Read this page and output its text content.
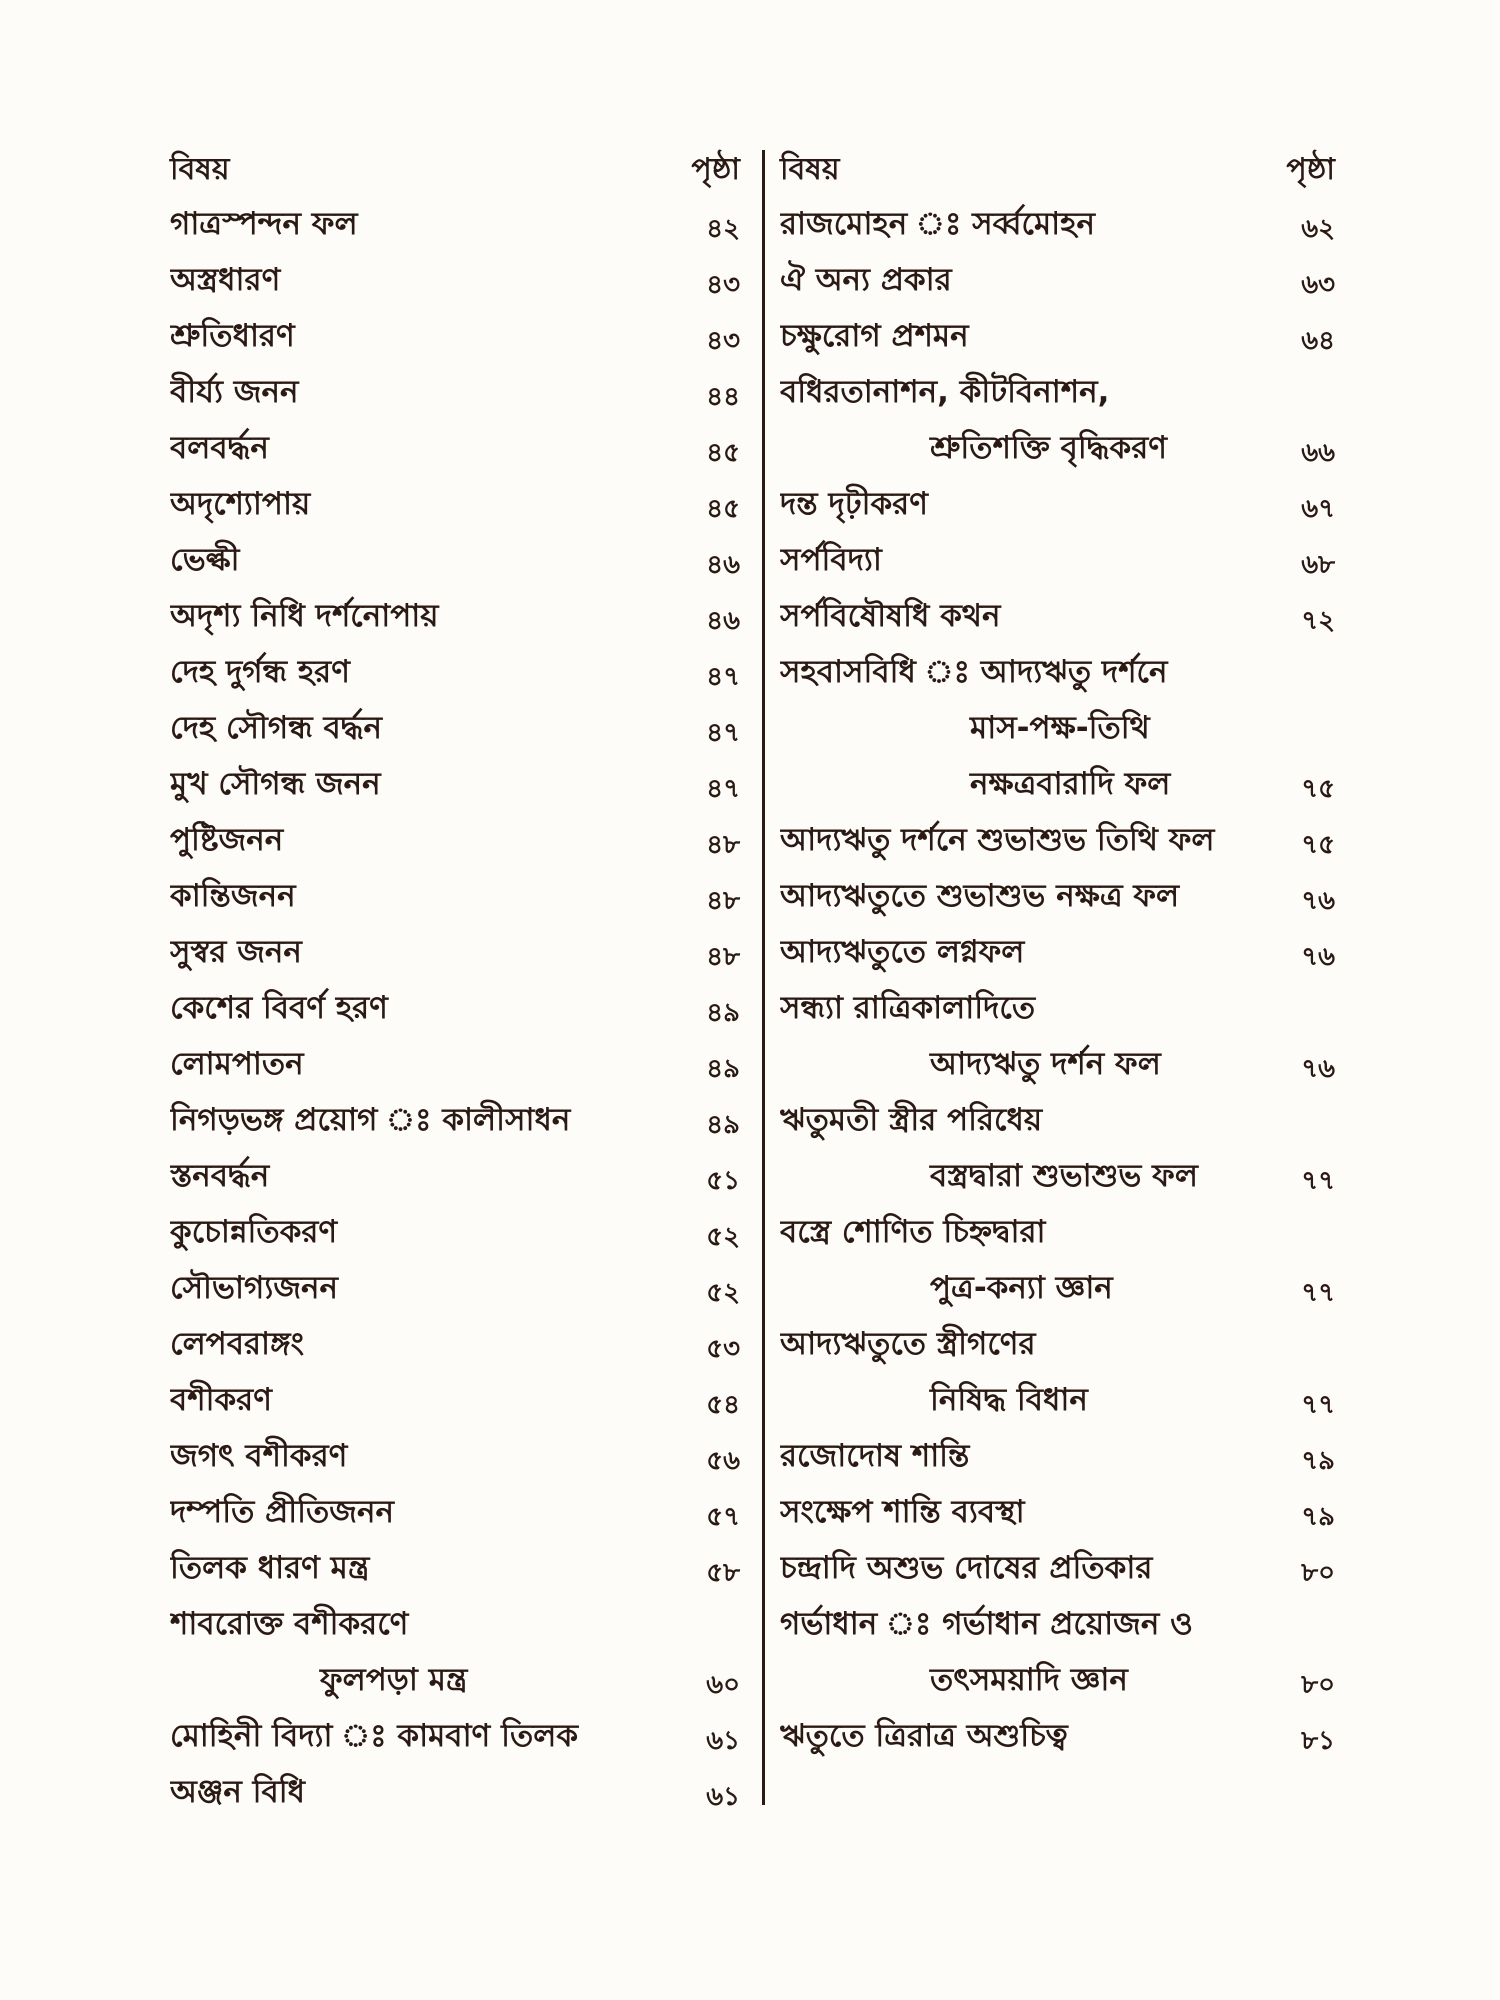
বিষয়	পৃষ্ঠা
গাত্রস্পন্দন ফল	৪২
অস্ত্রধারণ	৪৩
শ্রুতিধারণ	৪৩
বীর্য্য জনন	৪৪
বলবর্দ্ধন	৪৫
অদৃশ্যোপায়	৪৫
ভেল্কী	৪৬
অদৃশ্য নিধি দর্শনোপায়	৪৬
দেহ দুর্গন্ধ হরণ	৪৭
দেহ সৌগন্ধ বর্দ্ধন	৪৭
মুখ সৌগন্ধ জনন	৪৭
পুষ্টিজনন	৪৮
কান্তিজনন	৪৮
সুস্বর জনন	৪৮
কেশের বিবর্ণ হরণ	৪৯
লোমপাতন	৪৯
নিগড়ভঙ্গ প্রয়োগ ঃ কালীসাধন	৪৯
স্তনবর্দ্ধন	৫১
কুচোন্নতিকরণ	৫২
সৌভাগ্যজনন	৫২
লেপবরাঙ্গং	৫৩
বশীকরণ	৫৪
জগৎ বশীকরণ	৫৬
দম্পতি প্রীতিজনন	৫৭
তিলক ধারণ মন্ত্র	৫৮
শাবরোক্ত বশীকরণে
ফুলপড়া মন্ত্র	৬০
মোহিনী বিদ্যা ঃ কামবাণ তিলক	৬১
অঞ্জন বিধি	৬১
বিষয়	পৃষ্ঠা
রাজমোহন ঃ সর্ব্বমোহন	৬২
ঐ অন্য প্রকার	৬৩
চক্ষুরোগ প্রশমন	৬৪
বধিরতানাশন, কীটবিনাশন,
শ্রুতিশক্তি বৃদ্ধিকরণ	৬৬
দন্ত দৃঢ়ীকরণ	৬৭
সর্পবিদ্যা	৬৮
সর্পবিষৌষধি কথন	৭২
সহবাসবিধি ঃ আদ্যঋতু দর্শনে
মাস-পক্ষ-তিথি
নক্ষত্রবারাদি ফল	৭৫
আদ্যঋতু দর্শনে শুভাশুভ তিথি ফল	৭৫
আদ্যঋতুতে শুভাশুভ নক্ষত্র ফল	৭৬
আদ্যঋতুতে লগ্নফল	৭৬
সন্ধ্যা রাত্রিকালাদিতে
আদ্যঋতু দর্শন ফল	৭৬
ঋতুমতী স্ত্রীর পরিধেয়
বস্ত্রদ্বারা শুভাশুভ ফল	৭৭
বস্ত্রে শোণিত চিহ্নদ্বারা
পুত্র-কন্যা জ্ঞান	৭৭
আদ্যঋতুতে স্ত্রীগণের
নিষিদ্ধ বিধান	৭৭
রজোদোষ শান্তি	৭৯
সংক্ষেপ শান্তি ব্যবস্থা	৭৯
চন্দ্রাদি অশুভ দোষের প্রতিকার	৮০
গর্ভাধান ঃ গর্ভাধান প্রয়োজন ও
তৎসময়াদি জ্ঞান	৮০
ঋতুতে ত্রিরাত্র অশুচিত্ব	৮১
